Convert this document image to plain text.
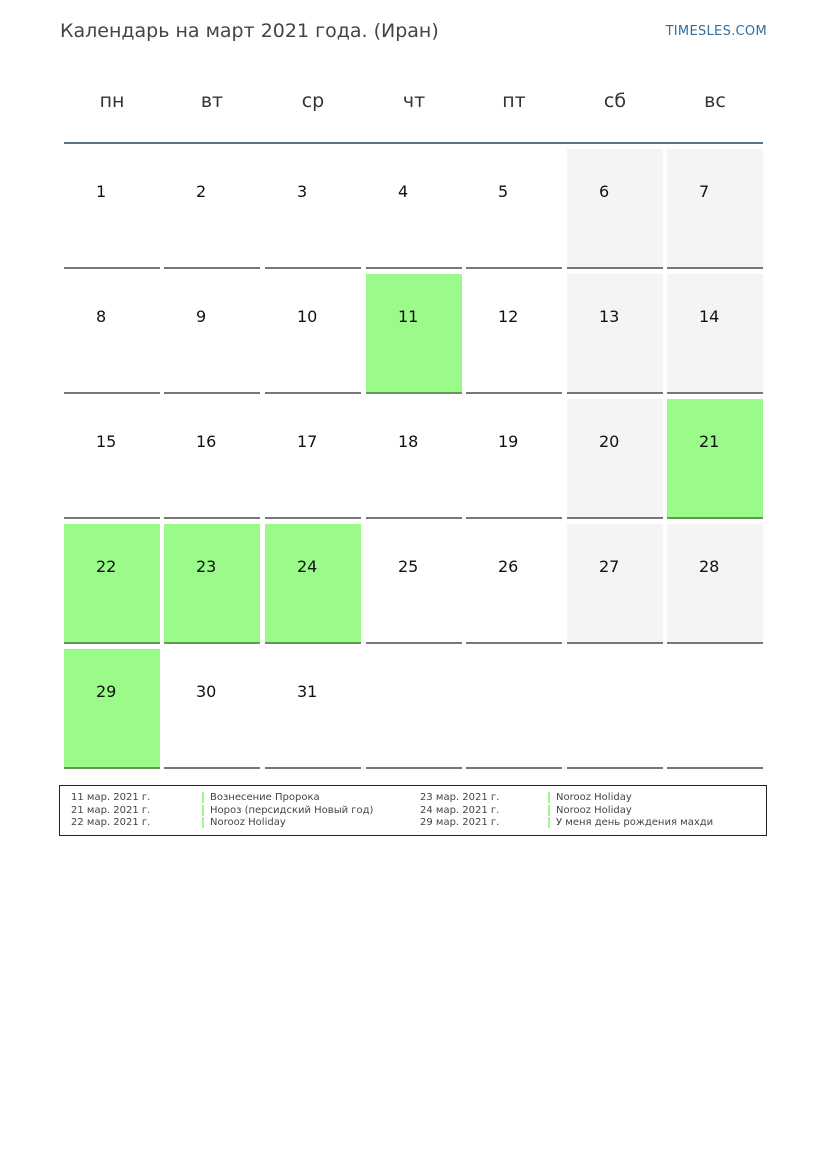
Календарь на март 2021 года. (Иран)	TIMESLES.COM
пн	вт	ср	чт	пт	сб	вс
1	2	3	4	5	6	7
8	9	10	11	12	13	14
15	16	17	18	19	20	21
22	23	24	25	26	27	28
29	30	31
11 мар. 2021 г.	Вознесение Пророка
21 мар. 2021 г.	Нороз (персидский Новый год)
22 мар. 2021 г.	Norooz Holiday
23 мар. 2021 г.	Norooz Holiday
24 мар. 2021 г.	Norooz Holiday
29 мар. 2021 г.	У меня день рождения махди
